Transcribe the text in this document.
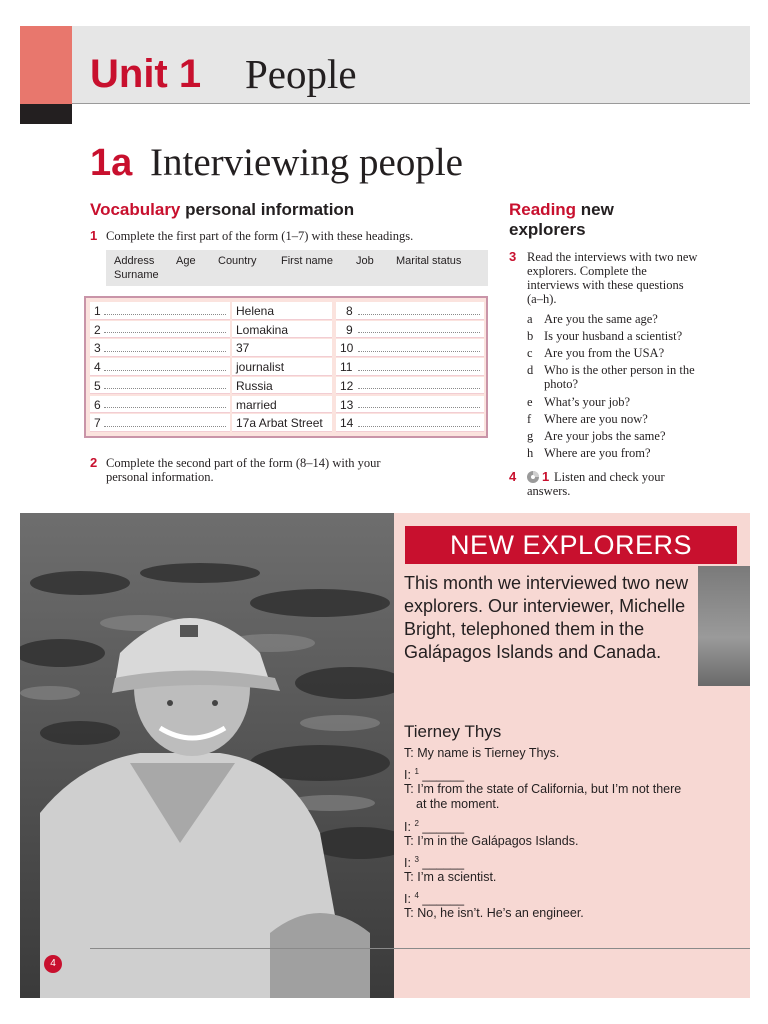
Unit 1 People
1a Interviewing people
Vocabulary personal information
1 Complete the first part of the form (1–7) with these headings.
Address Age Country First name Job Marital status
Surname
1	Helena	8
2	Lomakina	9
3	37	10
4	journalist	11
5	Russia	12
6	married	13
7	17a Arbat Street 14
2 Complete the second part of the form (8–14) with your personal information.
Reading new explorers
3 Read the interviews with two new explorers. Complete the interviews with these questions (a–h).
a Are you the same age?
b Is your husband a scientist?
c Are you from the USA?
d Who is the other person in the photo?
e What’s your job?
f Where are you now?
g Are your jobs the same?
h Where are you from?
4 1 Listen and check your answers.
NEW EXPLORERS
This month we interviewed two new explorers. Our interviewer, Michelle Bright, telephoned them in the Galápagos Islands and Canada.
Tierney Thys
T: My name is Tierney Thys.
I: $^1$ ______
T: I’m from the state of California, but I’m not there at the moment.
I: $^2$ ______
T: I’m in the Galápagos Islands.
I: $^3$ ______
T: I’m a scientist.
I: $^4$ ______
T: No, he isn’t. He’s an engineer.
4
